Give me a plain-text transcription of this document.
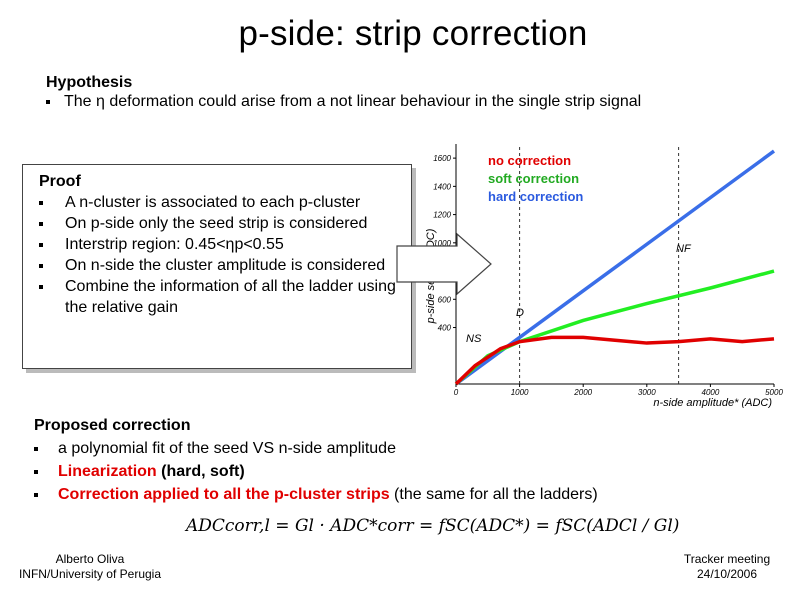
p-side: strip correction
Hypothesis
The η deformation could arise from a not linear behaviour in the single strip signal
Proof
A n-cluster is associated to each p-cluster
On p-side only the seed strip is considered
Interstrip region: 0.45<ηp<0.55
On n-side the cluster amplitude is considered
Combine the information of all the ladder using the relative gain
0	1000	2000	3000	4000	5000
400
600
1000
1200
1400
1600
n-side amplitude* (ADC)
D
NF
NS
no correction
soft correction
hard correction
Proposed correction
a polynomial fit of the seed VS n-side amplitude
Linearization (hard, soft)
Correction applied to all the p-cluster strips (the same for all the ladders)
ADCcorr,l = Gl · ADC*corr = fSC(ADC*) = fSC(ADCl / Gl)
Alberto Oliva
INFN/University of Perugia
Tracker meeting
24/10/2006
